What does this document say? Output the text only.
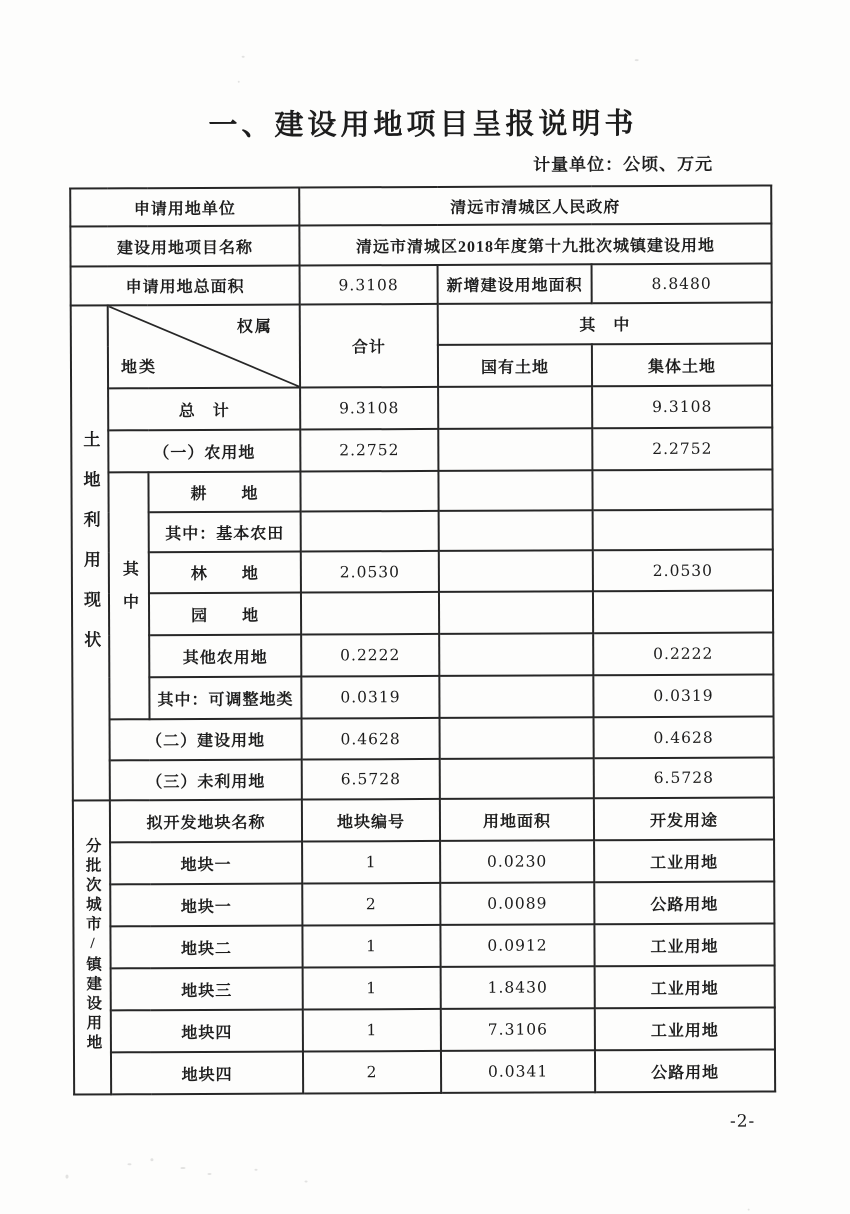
一、建设用地项目呈报说明书
计量单位：公顷、万元
申请用地单位			清远市清城区人民政府		
建设用地项目名称			清远市清城区2018年度第十九批次城镇建设用地		
申请用地总面积			9.3108	新增建设用地面积	8.8480
土地利用现状	权属
地类		合计	其　中	
				国有土地	集体土地
	总　计		9.3108		9.3108
	（一）农用地		2.2752		2.2752
	其中	耕　　地			
		其中：基本农田			
		林　　地	2.0530		2.0530
		园　　地			
		其他农用地	0.2222		0.2222
		其中：可调整地类	0.0319		0.0319
	（二）建设用地		0.4628		0.4628
	（三）未利用地		6.5728		6.5728
分批次城市/镇建设用地	拟开发地块名称		地块编号	用地面积	开发用途
	地块一		1	0.0230	工业用地
	地块一		2	0.0089	公路用地
	地块二		1	0.0912	工业用地
	地块三		1	1.8430	工业用地
	地块四		1	7.3106	工业用地
	地块四		2	0.0341	公路用地
-2-
